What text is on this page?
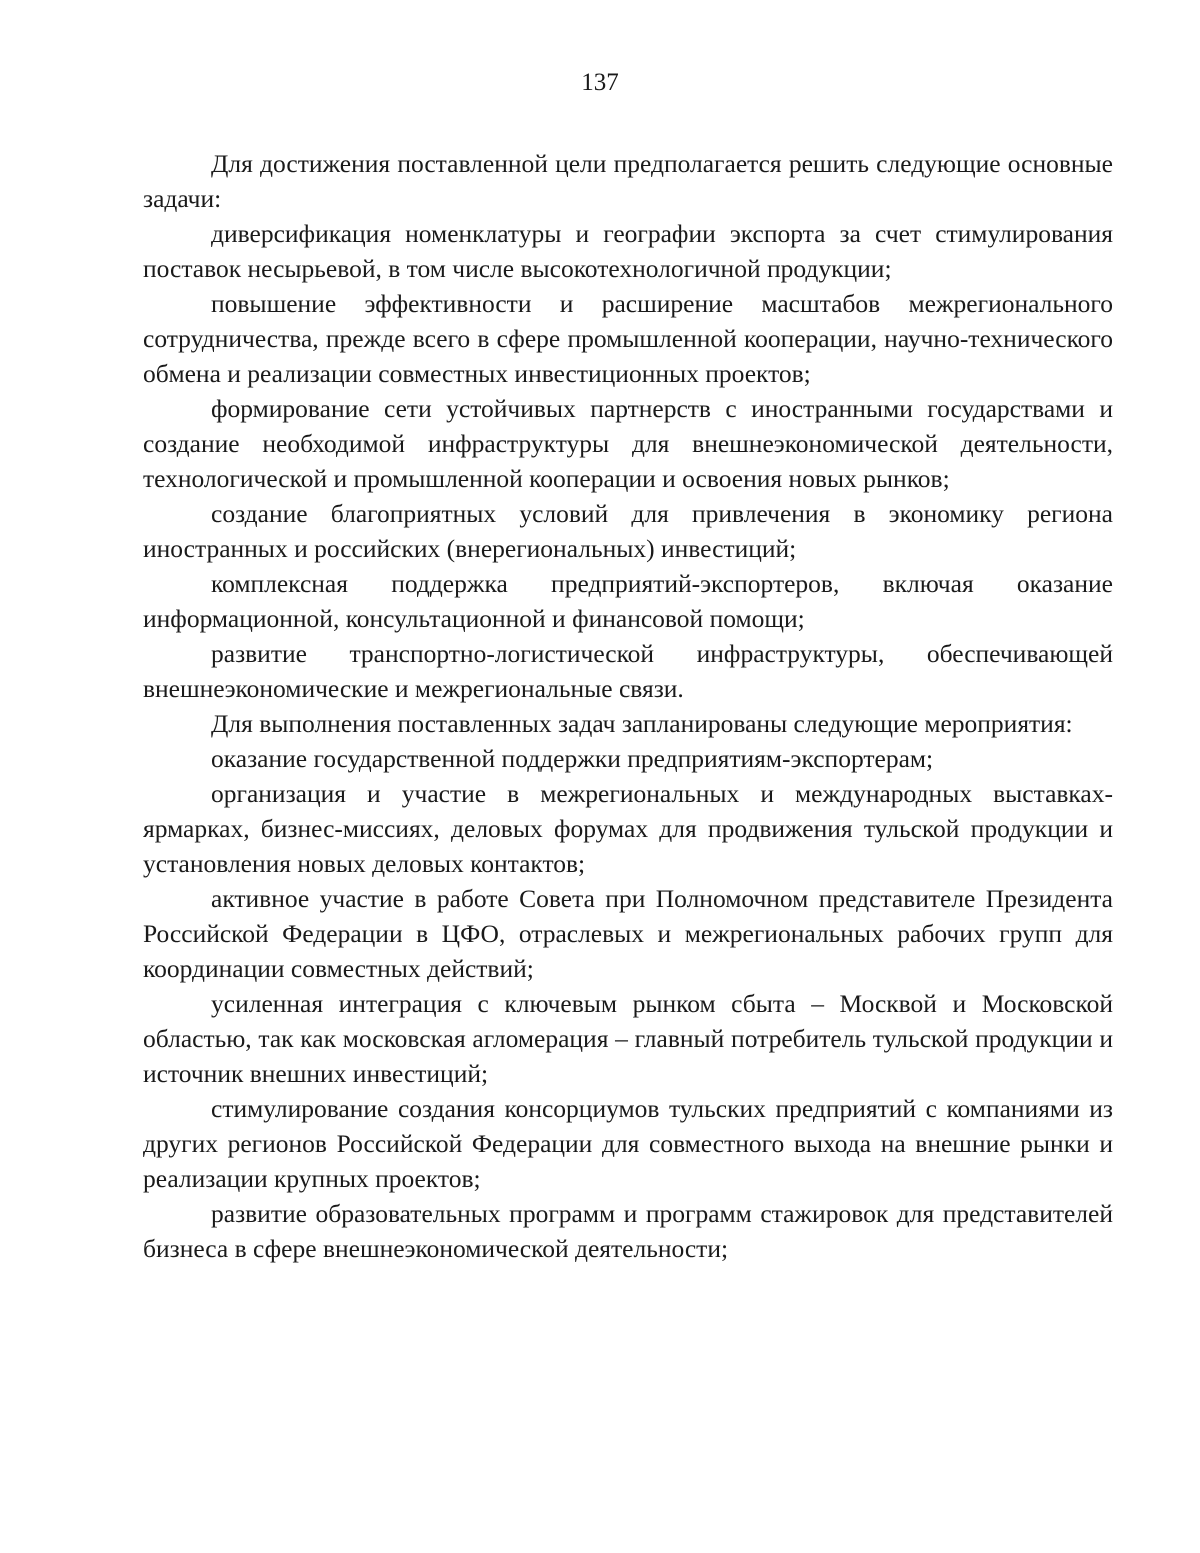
137

Для достижения поставленной цели предполагается решить следующие основные задачи:

диверсификация номенклатуры и географии экспорта за счет стимулирования поставок несырьевой, в том числе высокотехнологичной продукции;

повышение эффективности и расширение масштабов межрегионального сотрудничества, прежде всего в сфере промышленной кооперации, научно-технического обмена и реализации совместных инвестиционных проектов;

формирование сети устойчивых партнерств с иностранными государствами и создание необходимой инфраструктуры для внешнеэкономической деятельности, технологической и промышленной кооперации и освоения новых рынков;

создание благоприятных условий для привлечения в экономику региона иностранных и российских (внерегиональных) инвестиций;

комплексная поддержка предприятий-экспортеров, включая оказание информационной, консультационной и финансовой помощи;

развитие транспортно-логистической инфраструктуры, обеспечивающей внешнеэкономические и межрегиональные связи.

Для выполнения поставленных задач запланированы следующие мероприятия:

оказание государственной поддержки предприятиям-экспортерам;

организация и участие в межрегиональных и международных выставках-ярмарках, бизнес-миссиях, деловых форумах для продвижения тульской продукции и установления новых деловых контактов;

активное участие в работе Совета при Полномочном представителе Президента Российской Федерации в ЦФО, отраслевых и межрегиональных рабочих групп для координации совместных действий;

усиленная интеграция с ключевым рынком сбыта – Москвой и Московской областью, так как московская агломерация – главный потребитель тульской продукции и источник внешних инвестиций;

стимулирование создания консорциумов тульских предприятий с компаниями из других регионов Российской Федерации для совместного выхода на внешние рынки и реализации крупных проектов;

развитие образовательных программ и программ стажировок для представителей бизнеса в сфере внешнеэкономической деятельности;
